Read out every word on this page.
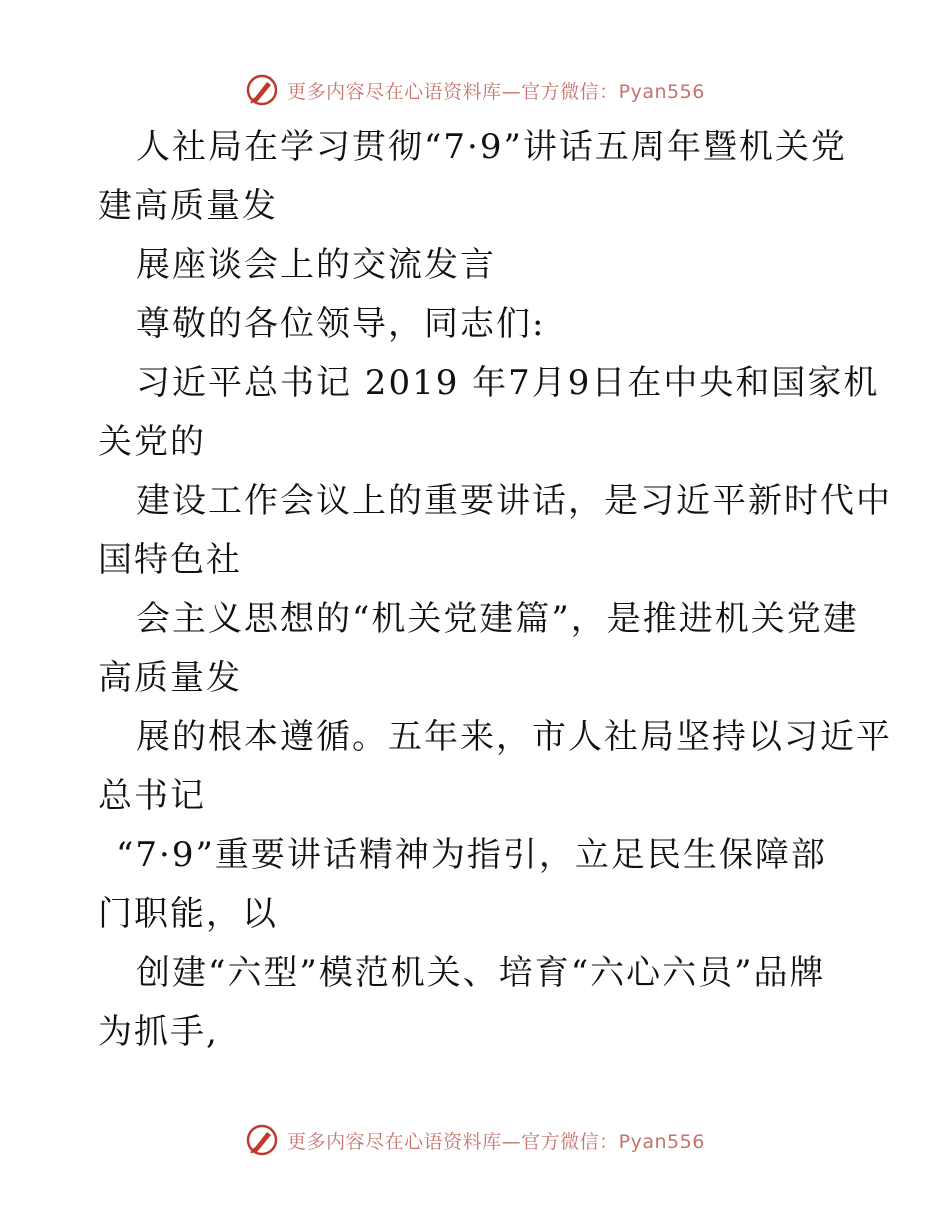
更多内容尽在心语资料库—官方微信：Pyan556
人社局在学习贯彻“7·9”讲话五周年暨机关党
建高质量发
展座谈会上的交流发言
尊敬的各位领导，同志们:
习近平总书记 2019 年7月9日在中央和国家机
关党的
建设工作会议上的重要讲话，是习近平新时代中
国特色社
会主义思想的“机关党建篇”，是推进机关党建
高质量发
展的根本遵循。五年来，市人社局坚持以习近平
总书记
“7·9”重要讲话精神为指引，立足民生保障部
门职能，以
创建“六型”模范机关、培育“六心六员”品牌
为抓手,
更多内容尽在心语资料库—官方微信：Pyan556
